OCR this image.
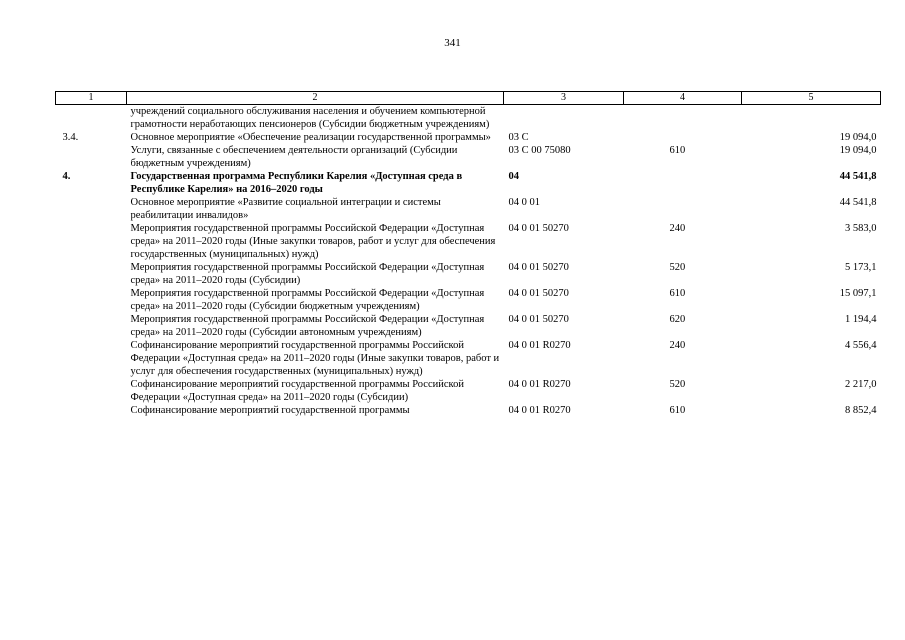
341
1	2	3	4	5
	учреждений социального обслуживания населения и обучением компьютерной грамотности неработающих пенсионеров (Субсидии бюджетным учреждениям)			
3.4.	Основное мероприятие «Обеспечение реализации государственной программы»	03 С		19 094,0
	Услуги, связанные с обеспечением деятельности организаций (Субсидии бюджетным учреждениям)	03 С 00 75080	610	19 094,0
4.	Государственная программа Республики Карелия «Доступная среда в Республике Карелия» на 2016–2020 годы	04		44 541,8
	Основное мероприятие «Развитие социальной интеграции и системы реабилитации инвалидов»	04 0 01		44 541,8
	Мероприятия государственной программы Российской Федерации «Доступная среда» на 2011–2020 годы (Иные закупки товаров, работ и услуг для обеспечения государственных (муниципальных) нужд)	04 0 01 50270	240	3 583,0
	Мероприятия государственной программы Российской Федерации «Доступная среда» на 2011–2020 годы (Субсидии)	04 0 01 50270	520	5 173,1
	Мероприятия государственной программы Российской Федерации «Доступная среда» на 2011–2020 годы (Субсидии бюджетным учреждениям)	04 0 01 50270	610	15 097,1
	Мероприятия государственной программы Российской Федерации «Доступная среда» на 2011–2020 годы (Субсидии автономным учреждениям)	04 0 01 50270	620	1 194,4
	Софинансирование мероприятий государственной программы Российской Федерации «Доступная среда» на 2011–2020 годы (Иные закупки товаров, работ и услуг для обеспечения государственных (муниципальных) нужд)	04 0 01 R0270	240	4 556,4
	Софинансирование мероприятий государственной программы Российской Федерации «Доступная среда» на 2011–2020 годы (Субсидии)	04 0 01 R0270	520	2 217,0
	Софинансирование мероприятий государственной программы	04 0 01 R0270	610	8 852,4
